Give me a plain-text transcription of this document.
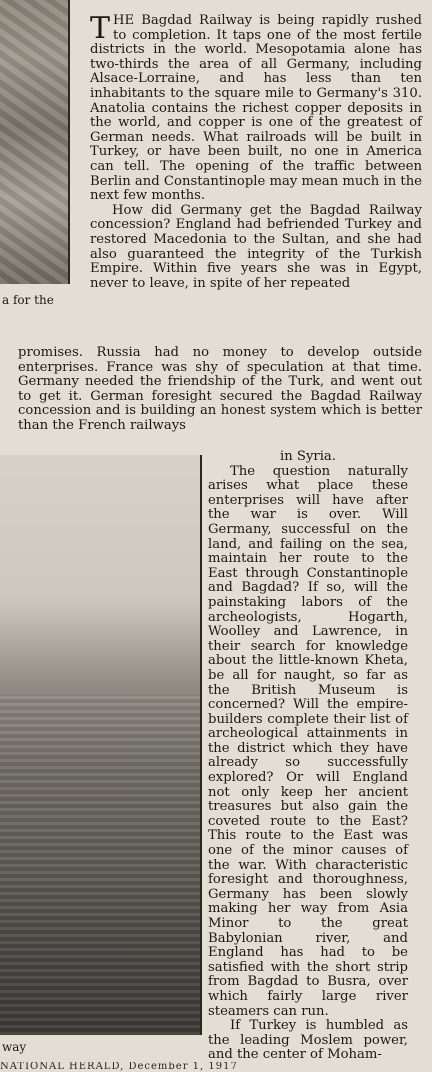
a for the
way

THE Bagdad Railway is being rapidly rushed to completion. It taps one of the most fertile districts in the world. Mesopotamia alone has two-thirds the area of all Germany, including Alsace-Lorraine, and has less than ten inhabitants to the square mile to Germany's 310. Anatolia contains the richest copper deposits in the world, and copper is one of the greatest of German needs. What railroads will be built in Turkey, or have been built, no one in America can tell. The opening of the traffic between Berlin and Constantinople may mean much in the next few months.

How did Germany get the Bagdad Railway concession? England had befriended Turkey and restored Macedonia to the Sultan, and she had also guaranteed the integrity of the Turkish Empire. Within five years she was in Egypt, never to leave, in spite of her repeated

promises. Russia had no money to develop outside enterprises. France was shy of speculation at that time. Germany needed the friendship of the Turk, and went out to get it. German foresight secured the Bagdad Railway concession and is building an honest system which is better than the French railways

in Syria.

The question naturally arises what place these enterprises will have after the war is over. Will Germany, successful on the land, and failing on the sea, maintain her route to the East through Constantinople and Bagdad? If so, will the painstaking labors of the archeologists, Hogarth, Woolley and Lawrence, in their search for knowledge about the little-known Kheta, be all for naught, so far as the British Museum is concerned? Will the empire-builders complete their list of archeological attainments in the district which they have already so successfully explored? Or will England not only keep her ancient treasures but also gain the coveted route to the East? This route to the East was one of the minor causes of the war. With characteristic foresight and thoroughness, Germany has been slowly making her way from Asia Minor to the great Babylonian river, and England has had to be satisfied with the short strip from Bagdad to Busra, over which fairly large river steamers can run.

If Turkey is humbled as the leading Moslem power, and the center of Moham-

NATIONAL HERALD, December 1, 1917
